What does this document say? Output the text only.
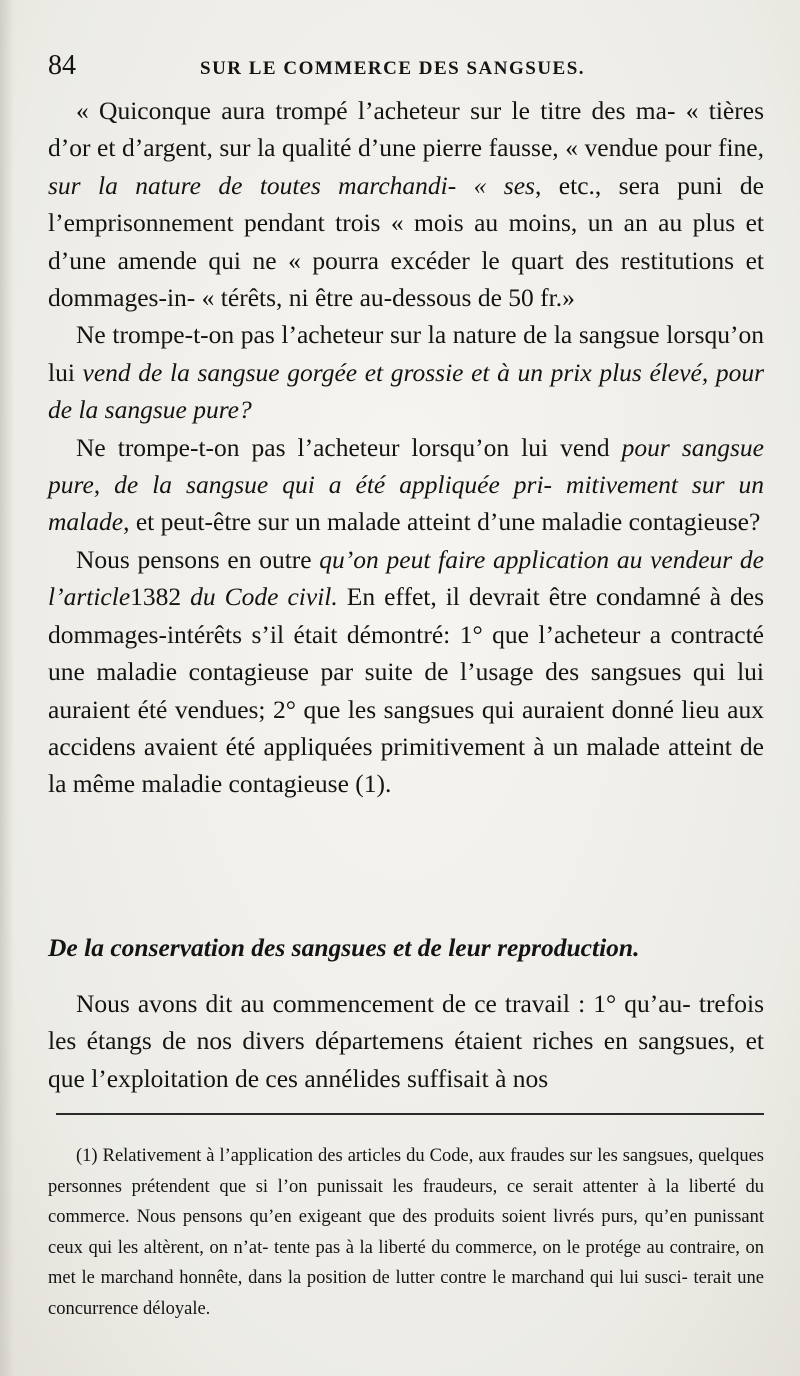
84	SUR LE COMMERCE DES SANGSUES.

« Quiconque aura trompé l’acheteur sur le titre des ma- « tières d’or et d’argent, sur la qualité d’une pierre fausse, « vendue pour fine, sur la nature de toutes marchandi- « ses, etc., sera puni de l’emprisonnement pendant trois « mois au moins, un an au plus et d’une amende qui ne « pourra excéder le quart des restitutions et dommages-in- « térêts, ni être au-dessous de 50 fr.»

Ne trompe-t-on pas l’acheteur sur la nature de la sangsue lorsqu’on lui vend de la sangsue gorgée et grossie et à un prix plus élevé, pour de la sangsue pure?

Ne trompe-t-on pas l’acheteur lorsqu’on lui vend pour sangsue pure, de la sangsue qui a été appliquée pri- mitivement sur un malade, et peut-être sur un malade atteint d’une maladie contagieuse?

Nous pensons en outre qu’on peut faire application au vendeur de l’article1382 du Code civil. En effet, il devrait être condamné à des dommages-intérêts s’il était démontré: 1° que l’acheteur a contracté une maladie contagieuse par suite de l’usage des sangsues qui lui auraient été vendues; 2° que les sangsues qui auraient donné lieu aux accidens avaient été appliquées primitivement à un malade atteint de la même maladie contagieuse (1).

De la conservation des sangsues et de leur reproduction.

Nous avons dit au commencement de ce travail : 1° qu’au- trefois les étangs de nos divers départemens étaient riches en sangsues, et que l’exploitation de ces annélides suffisait à nos

(1) Relativement à l’application des articles du Code, aux fraudes sur les sangsues, quelques personnes prétendent que si l’on punissait les fraudeurs, ce serait attenter à la liberté du commerce. Nous pensons qu’en exigeant que des produits soient livrés purs, qu’en punissant ceux qui les altèrent, on n’at- tente pas à la liberté du commerce, on le protége au contraire, on met le marchand honnête, dans la position de lutter contre le marchand qui lui susci- terait une concurrence déloyale.
